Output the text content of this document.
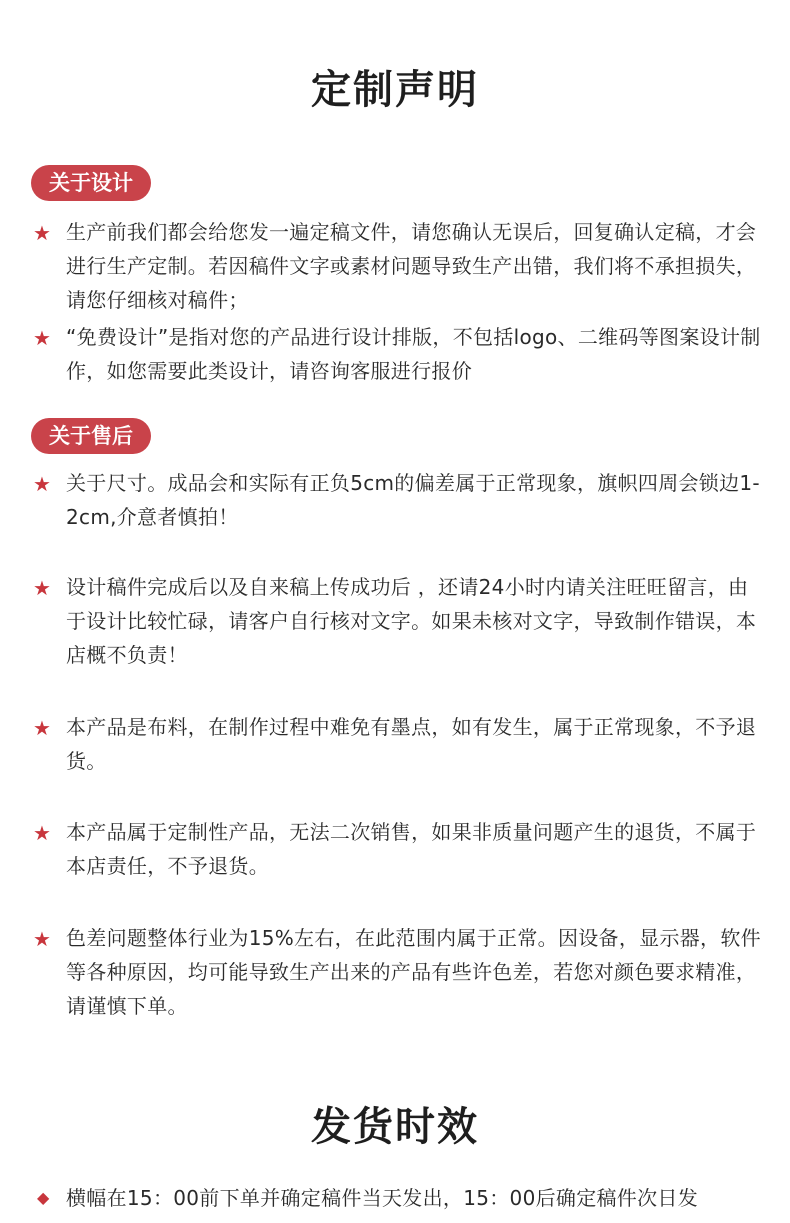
定制声明
关于设计
★ 生产前我们都会给您发一遍定稿文件，请您确认无误后，回复确认定稿，才会进行生产定制。若因稿件文字或素材问题导致生产出错，我们将不承担损失，请您仔细核对稿件；
★ “免费设计”是指对您的产品进行设计排版，不包括logo、二维码等图案设计制作，如您需要此类设计，请咨询客服进行报价
关于售后
★ 关于尺寸。成品会和实际有正负5cm的偏差属于正常现象，旗帜四周会锁边1-2cm,介意者慎拍！
★ 设计稿件完成后以及自来稿上传成功后 ，还请24小时内请关注旺旺留言，由于设计比较忙碌，请客户自行核对文字。如果未核对文字，导致制作错误，本店概不负责！
★ 本产品是布料，在制作过程中难免有墨点，如有发生，属于正常现象，不予退货。
★ 本产品属于定制性产品，无法二次销售，如果非质量问题产生的退货，不属于本店责任，不予退货。
★ 色差问题整体行业为15%左右，在此范围内属于正常。因设备，显示器，软件等各种原因，均可能导致生产出来的产品有些许色差，若您对颜色要求精准，请谨慎下单。
发货时效
◆ 横幅在15：00前下单并确定稿件当天发出，15：00后确定稿件次日发
